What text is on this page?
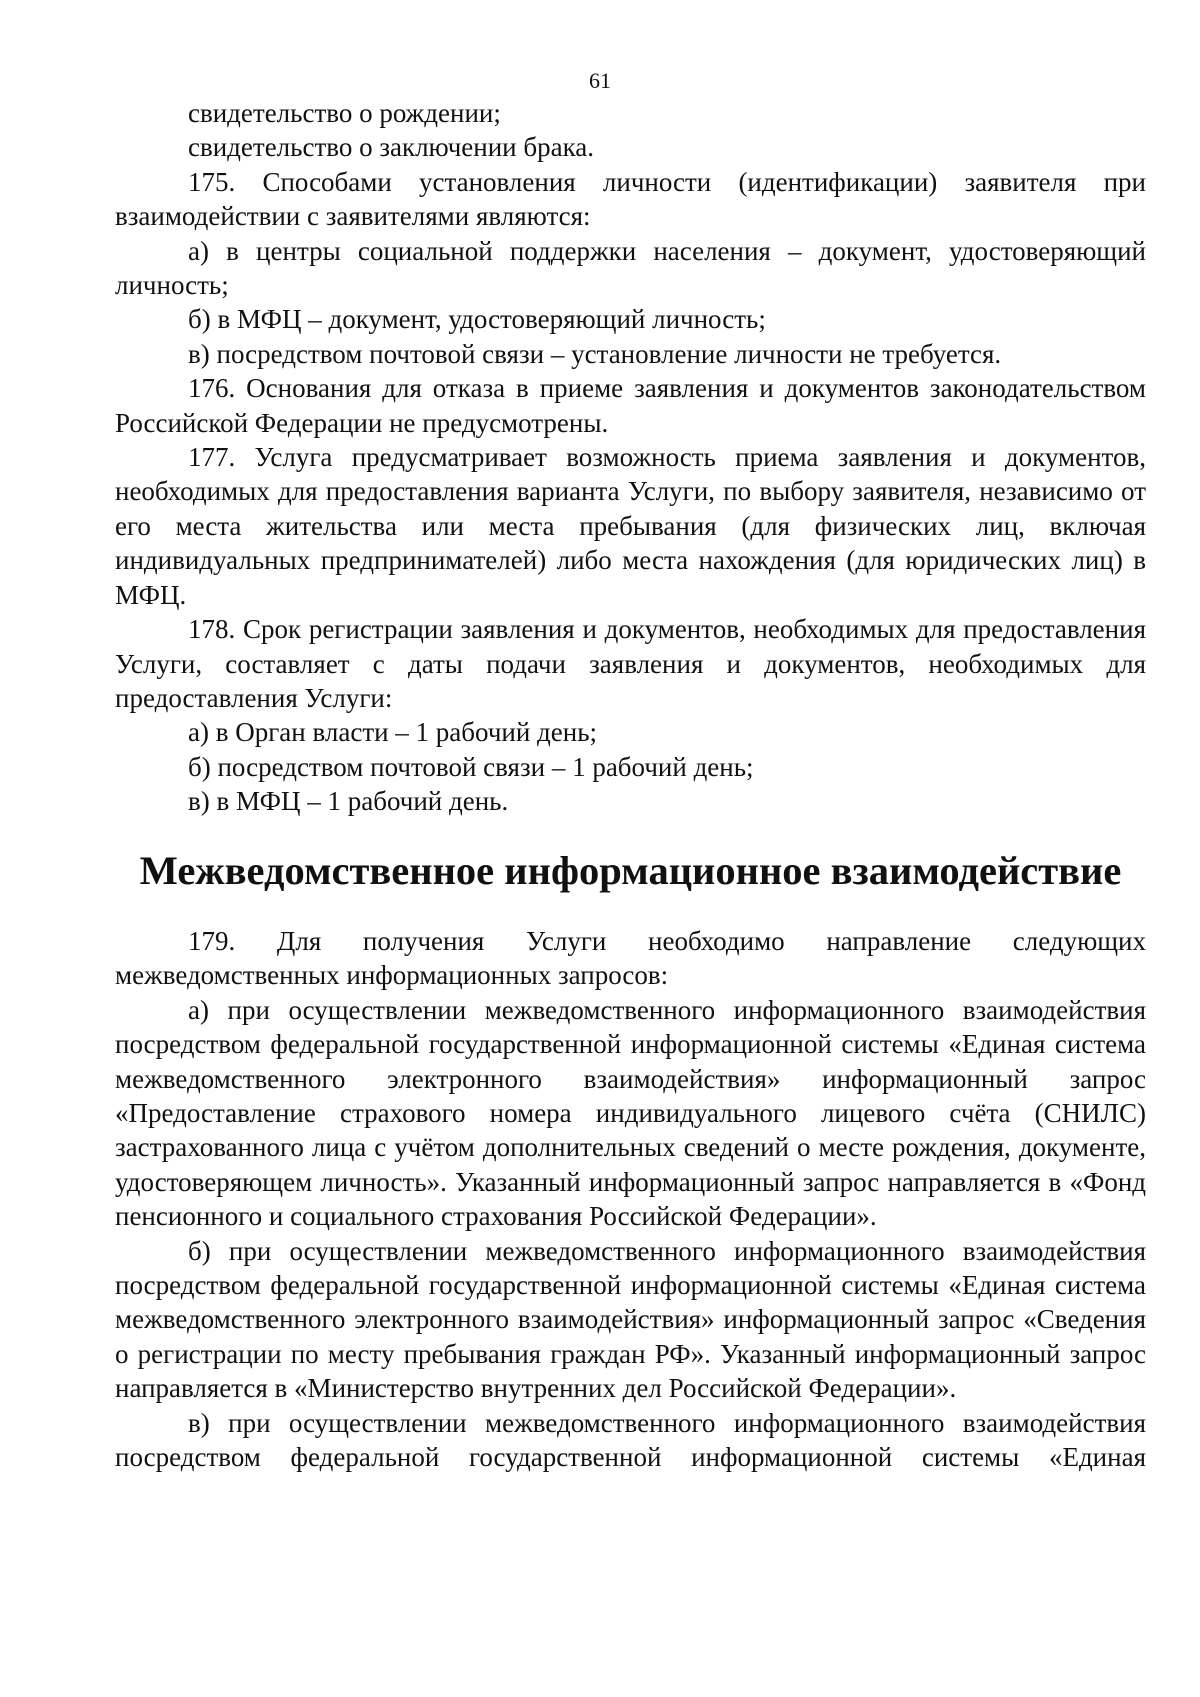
61

свидетельство о рождении;

свидетельство о заключении брака.

175. Способами установления личности (идентификации) заявителя при взаимодействии с заявителями являются:

а) в центры социальной поддержки населения – документ, удостоверяющий личность;

б) в МФЦ – документ, удостоверяющий личность;

в) посредством почтовой связи – установление личности не требуется.

176. Основания для отказа в приеме заявления и документов законодательством Российской Федерации не предусмотрены.

177. Услуга предусматривает возможность приема заявления и документов, необходимых для предоставления варианта Услуги, по выбору заявителя, независимо от его места жительства или места пребывания (для физических лиц, включая индивидуальных предпринимателей) либо места нахождения (для юридических лиц) в МФЦ.

178. Срок регистрации заявления и документов, необходимых для предоставления Услуги, составляет с даты подачи заявления и документов, необходимых для предоставления Услуги:

а) в Орган власти – 1 рабочий день;

б) посредством почтовой связи – 1 рабочий день;

в) в МФЦ – 1 рабочий день.

Межведомственное информационное взаимодействие

179. Для получения Услуги необходимо направление следующих межведомственных информационных запросов:

а) при осуществлении межведомственного информационного взаимодействия посредством федеральной государственной информационной системы «Единая система межведомственного электронного взаимодействия» информационный запрос «Предоставление страхового номера индивидуального лицевого счёта (СНИЛС) застрахованного лица с учётом дополнительных сведений о месте рождения, документе, удостоверяющем личность». Указанный информационный запрос направляется в «Фонд пенсионного и социального страхования Российской Федерации».

б) при осуществлении межведомственного информационного взаимодействия посредством федеральной государственной информационной системы «Единая система межведомственного электронного взаимодействия» информационный запрос «Сведения о регистрации по месту пребывания граждан РФ». Указанный информационный запрос направляется в «Министерство внутренних дел Российской Федерации».

в) при осуществлении межведомственного информационного взаимодействия посредством федеральной государственной информационной системы «Единая
